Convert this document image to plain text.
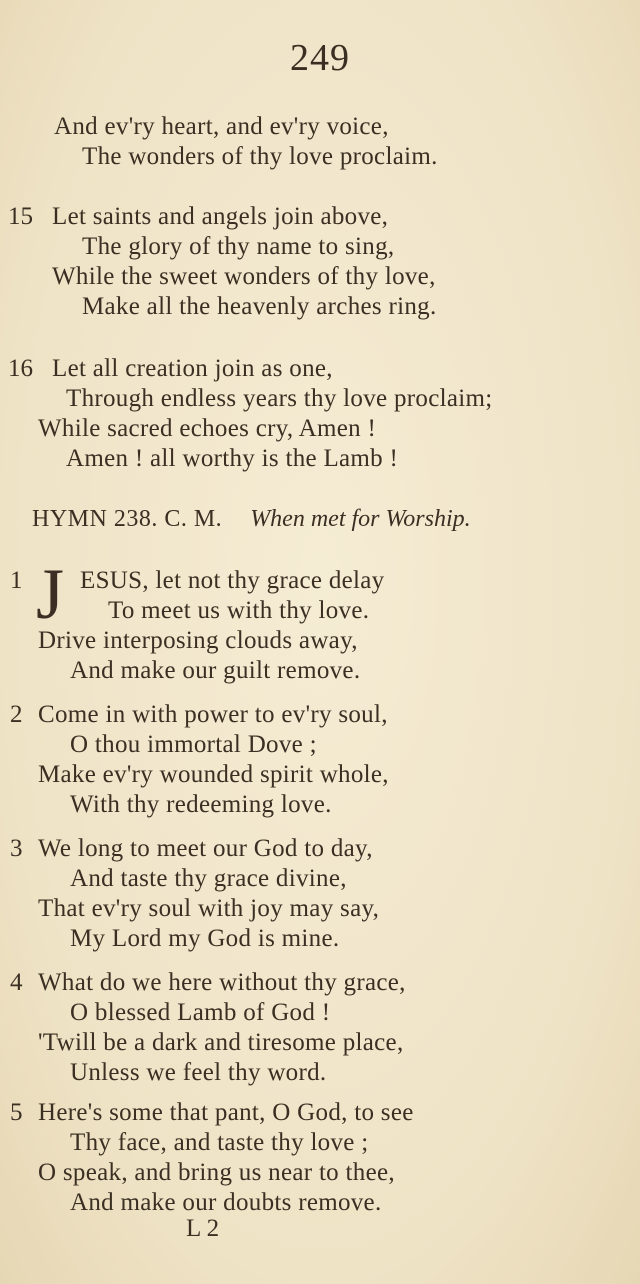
249
And ev'ry heart, and ev'ry voice,
The wonders of thy love proclaim.
15 Let saints and angels join above,
The glory of thy name to sing,
While the sweet wonders of thy love,
Make all the heavenly arches ring.
16 Let all creation join as one,
Through endless years thy love proclaim;
While sacred echoes cry, Amen !
Amen ! all worthy is the Lamb !
HYMN 238. C. M. When met for Worship.
1 J ESUS, let not thy grace delay
To meet us with thy love.
Drive interposing clouds away,
And make our guilt remove.
2 Come in with power to ev'ry soul,
O thou immortal Dove ;
Make ev'ry wounded spirit whole,
With thy redeeming love.
3 We long to meet our God to day,
And taste thy grace divine,
That ev'ry soul with joy may say,
My Lord my God is mine.
4 What do we here without thy grace,
O blessed Lamb of God !
'Twill be a dark and tiresome place,
Unless we feel thy word.
5 Here's some that pant, O God, to see
Thy face, and taste thy love ;
O speak, and bring us near to thee,
And make our doubts remove.
L 2
